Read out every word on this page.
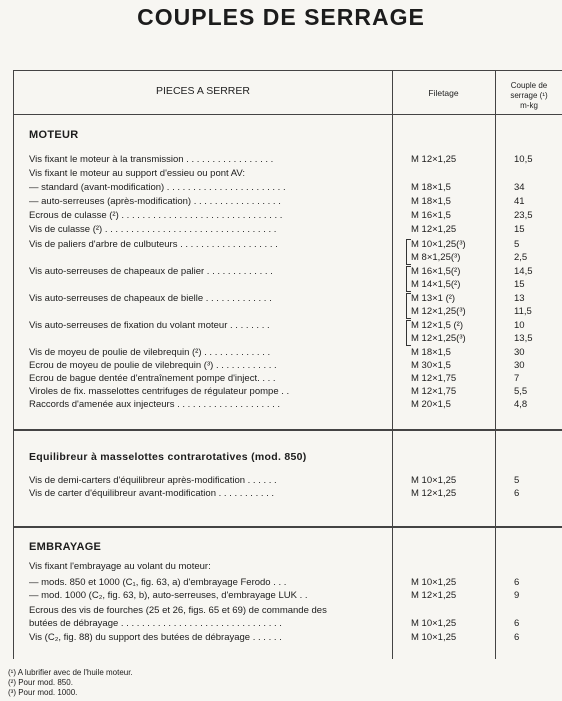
COUPLES DE SERRAGE
PIECES A SERRER	Filetage
Couple de
serrage (¹)
m-kg
MOTEUR
Vis fixant le moteur à la transmission . . . . . . . . . . . . . . . . .	M 12×1,25	10,5
Vis fixant le moteur au support d'essieu ou pont AV:
— standard (avant-modification) . . . . . . . . . . . . . . . . . . . . . . .	M 18×1,5	34
— auto-serreuses (après-modification) . . . . . . . . . . . . . . . . .	M 18×1,5	41
Ecrous de culasse (²) . . . . . . . . . . . . . . . . . . . . . . . . . . . . . . .	M 16×1,5	23,5
Vis de culasse (²) . . . . . . . . . . . . . . . . . . . . . . . . . . . . . . . . .	M 12×1,25	15
Vis de paliers d'arbre de culbuteurs . . . . . . . . . . . . . . . . . . .	M 10×1,25(³)	5
M 8×1,25(³)	2,5
Vis auto-serreuses de chapeaux de palier . . . . . . . . . . . . .	M 16×1,5(²)	14,5
M 14×1,5(²)	15
Vis auto-serreuses de chapeaux de bielle . . . . . . . . . . . . .	M 13×1 (²)	13
M 12×1,25(³)	11,5
Vis auto-serreuses de fixation du volant moteur . . . . . . . .	M 12×1,5 (²)	10
M 12×1,25(³)	13,5
Vis de moyeu de poulie de vilebrequin (²) . . . . . . . . . . . . .	M 18×1,5	30
Ecrou de moyeu de poulie de vilebrequin (³) . . . . . . . . . . . .	M 30×1,5	30
Ecrou de bague dentée d'entraînement pompe d'inject. . . .	M 12×1,75	7
Viroles de fix. masselottes centrifuges de régulateur pompe . .	M 12×1,75	5,5
Raccords d'amenée aux injecteurs . . . . . . . . . . . . . . . . . . . .	M 20×1,5	4,8
Equilibreur à masselottes contrarotatives (mod. 850)
Vis de demi-carters d'équilibreur après-modification . . . . . .	M 10×1,25	5
Vis de carter d'équilibreur avant-modification . . . . . . . . . . .	M 12×1,25	6
EMBRAYAGE
Vis fixant l'embrayage au volant du moteur:
— mods. 850 et 1000 (C₁, fig. 63, a) d'embrayage Ferodo . . .	M 10×1,25	6
— mod. 1000 (C₂, fig. 63, b), auto-serreuses, d'embrayage LUK . .	M 12×1,25	9
Ecrous des vis de fourches (25 et 26, figs. 65 et 69) de commande des
butées de débrayage . . . . . . . . . . . . . . . . . . . . . . . . . . . . . . .	M 10×1,25	6
Vis (C₂, fig. 88) du support des butées de débrayage . . . . . .	M 10×1,25	6
(¹) A lubrifier avec de l'huile moteur.
(²) Pour mod. 850.
(³) Pour mod. 1000.
